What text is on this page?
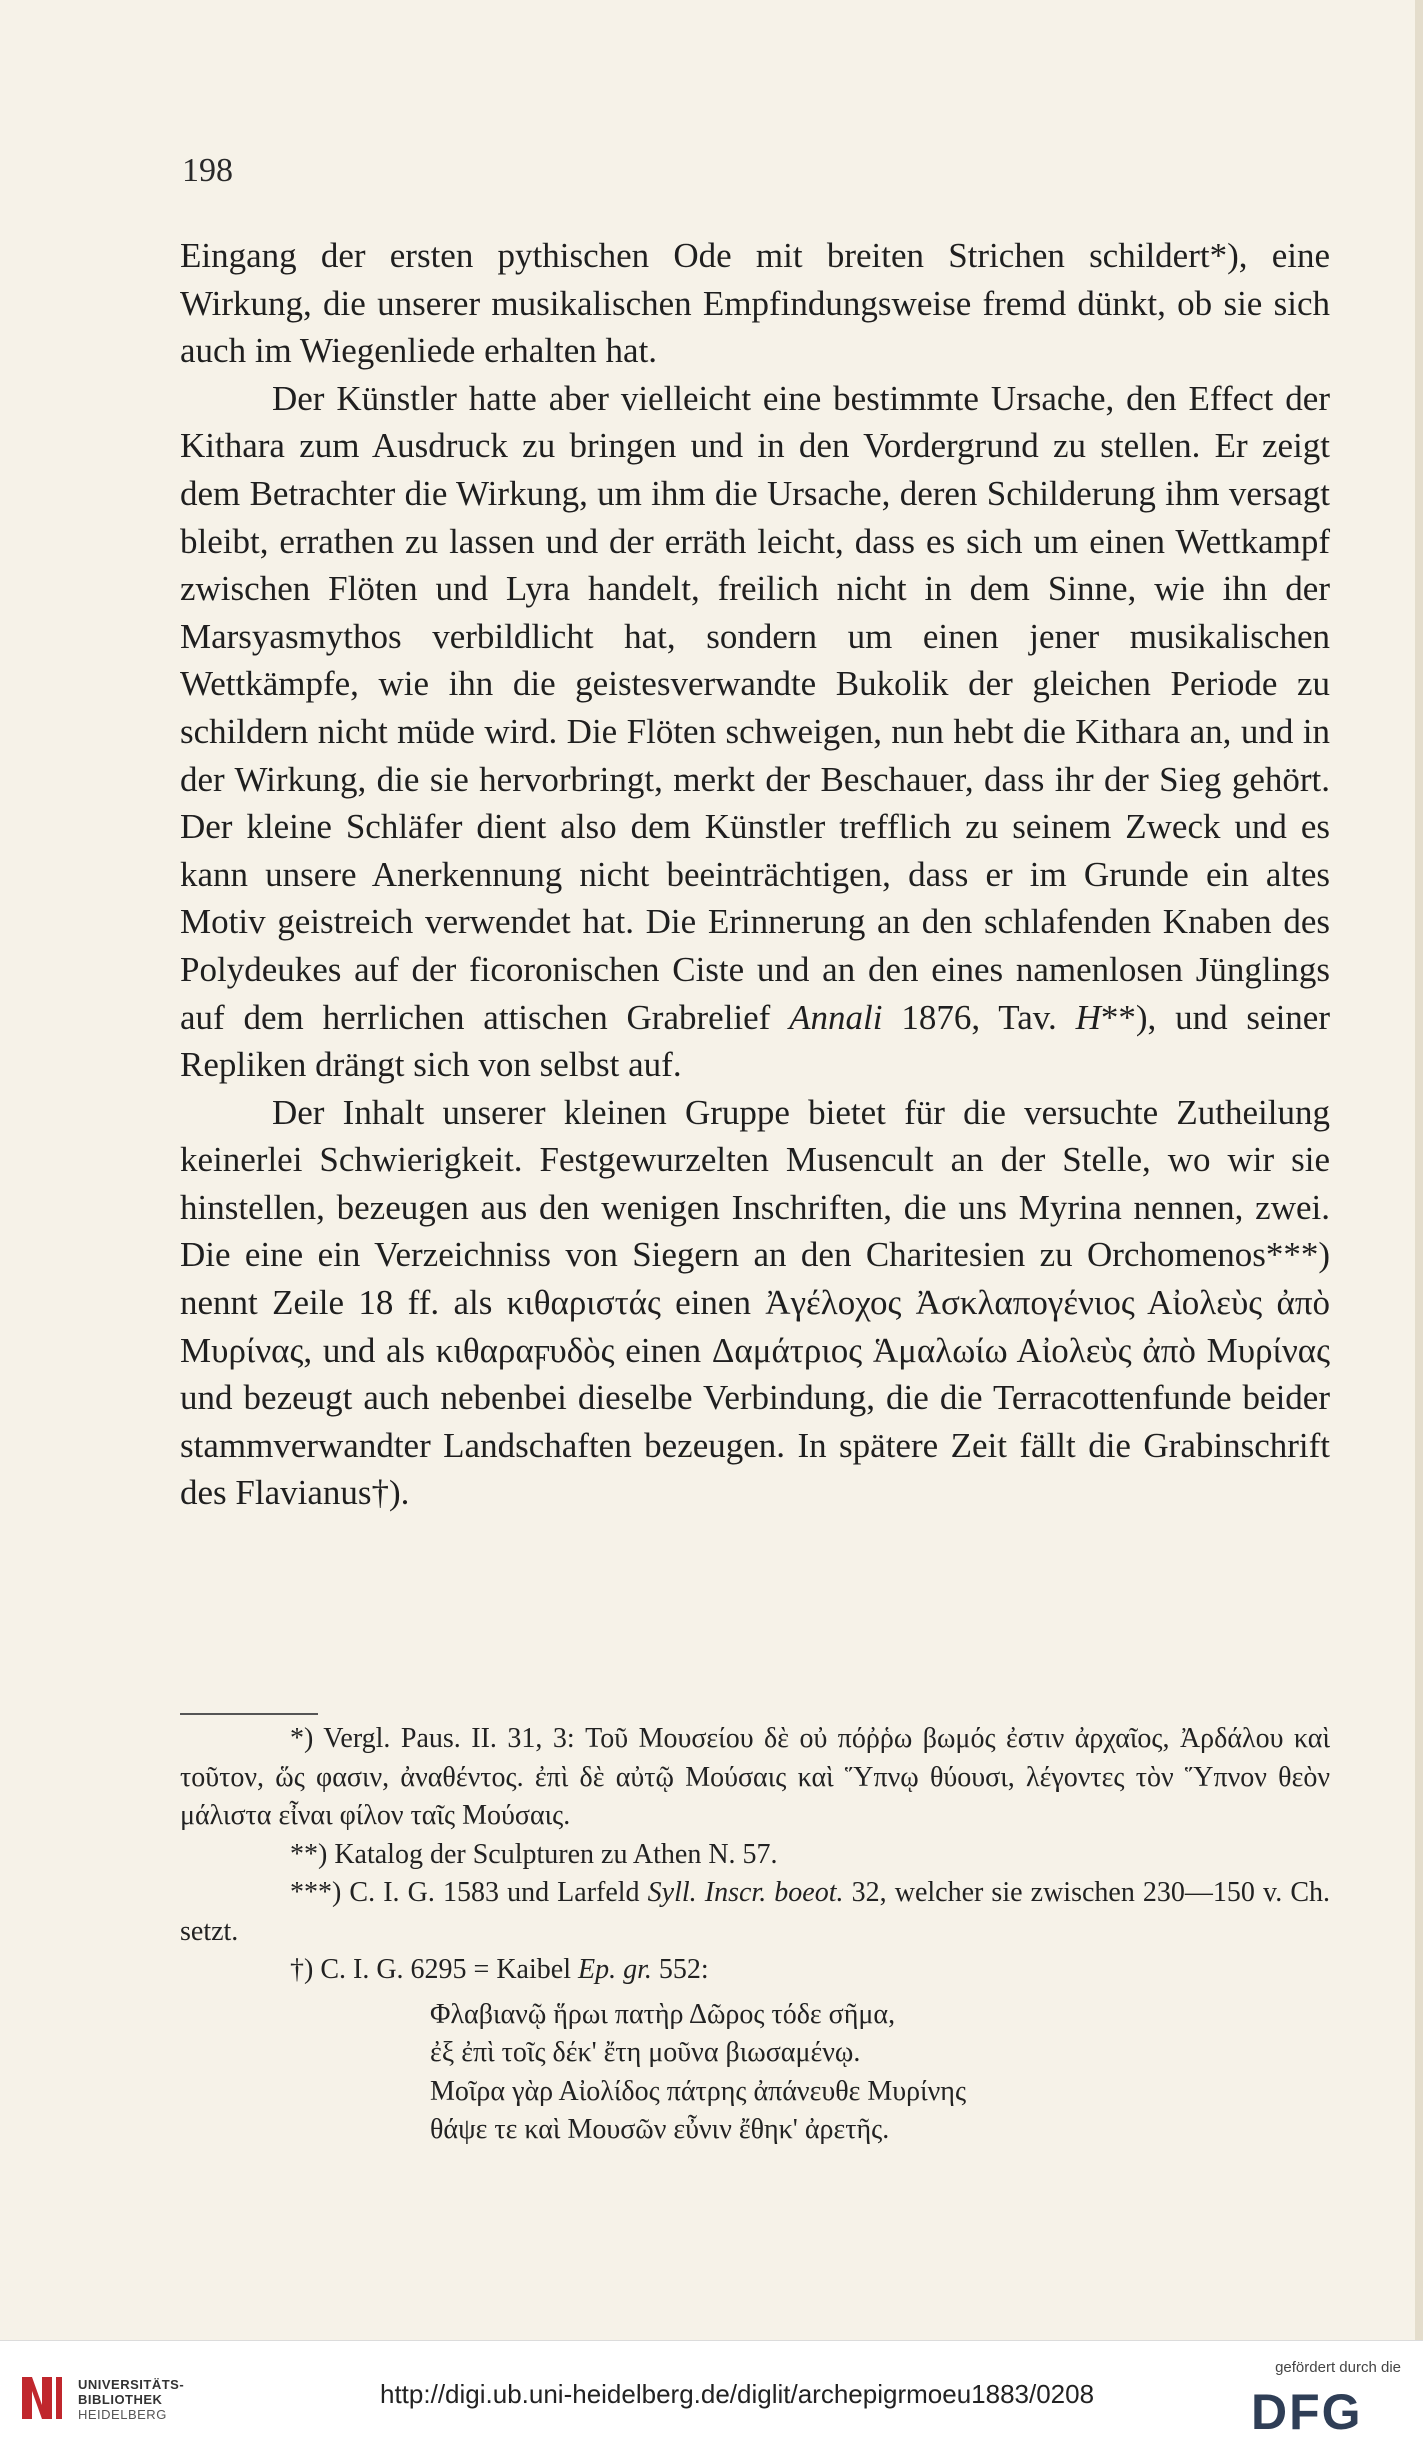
198

Eingang der ersten pythischen Ode mit breiten Strichen schildert*), eine Wirkung, die unserer musikalischen Empfindungsweise fremd dünkt, ob sie sich auch im Wiegenliede erhalten hat.

Der Künstler hatte aber vielleicht eine bestimmte Ursache, den Effect der Kithara zum Ausdruck zu bringen und in den Vordergrund zu stellen. Er zeigt dem Betrachter die Wirkung, um ihm die Ursache, deren Schilderung ihm versagt bleibt, errathen zu lassen und der erräth leicht, dass es sich um einen Wettkampf zwischen Flöten und Lyra handelt, freilich nicht in dem Sinne, wie ihn der Marsyasmythos verbildlicht hat, sondern um einen jener musikalischen Wettkämpfe, wie ihn die geistesverwandte Bukolik der gleichen Periode zu schildern nicht müde wird. Die Flöten schweigen, nun hebt die Kithara an, und in der Wirkung, die sie hervorbringt, merkt der Beschauer, dass ihr der Sieg gehört. Der kleine Schläfer dient also dem Künstler trefflich zu seinem Zweck und es kann unsere Anerkennung nicht beeinträchtigen, dass er im Grunde ein altes Motiv geistreich verwendet hat. Die Erinnerung an den schlafenden Knaben des Polydeukes auf der ficoronischen Ciste und an den eines namenlosen Jünglings auf dem herrlichen attischen Grabrelief Annali 1876, Tav. H**), und seiner Repliken drängt sich von selbst auf.

Der Inhalt unserer kleinen Gruppe bietet für die versuchte Zutheilung keinerlei Schwierigkeit. Festgewurzelten Musencult an der Stelle, wo wir sie hinstellen, bezeugen aus den wenigen Inschriften, die uns Myrina nennen, zwei. Die eine ein Verzeichniss von Siegern an den Charitesien zu Orchomenos***) nennt Zeile 18 ff. als κιθαριστάς einen Ἀγέλοχος Ἀσκλαπογένιος Αἰολεὺς ἀπὸ Μυρίνας, und als κιθαραϝυδὸς einen Δαμάτριος Ἁμαλωίω Αἰολεὺς ἀπὸ Μυρίνας und bezeugt auch nebenbei dieselbe Verbindung, die die Terracottenfunde beider stammverwandter Landschaften bezeugen. In spätere Zeit fällt die Grabinschrift des Flavianus†).

*) Vergl. Paus. II. 31, 3: Τοῦ Μουσείου δὲ οὐ πόῤῥω βωμός ἐστιν ἀρχαῖος, Ἀρδάλου καὶ τοῦτον, ὥς φασιν, ἀναθέντος. ἐπὶ δὲ αὐτῷ Μούσαις καὶ Ὕπνῳ θύουσι, λέγοντες τὸν Ὕπνον θεὸν μάλιστα εἶναι φίλον ταῖς Μούσαις.

**) Katalog der Sculpturen zu Athen N. 57.

***) C. I. G. 1583 und Larfeld Syll. Inscr. boeot. 32, welcher sie zwischen 230—150 v. Ch. setzt.

†) C. I. G. 6295 = Kaibel Ep. gr. 552:

Φλαβιανῷ ἥρωι πατὴρ Δῶρος τόδε σῆμα,
ἐξ ἐπὶ τοῖς δέκ' ἔτη μοῦνα βιωσαμένῳ.
Μοῖρα γὰρ Αἰολίδος πάτρης ἀπάνευθε Μυρίνης
θάψε τε καὶ Μουσῶν εὖνιν ἔθηκ' ἀρετῆς.
UNIVERSITÄTS-
BIBLIOTHEK
HEIDELBERG
http://digi.ub.uni-heidelberg.de/diglit/archepigrmoeu1883/0208
gefördert durch die
DFG
